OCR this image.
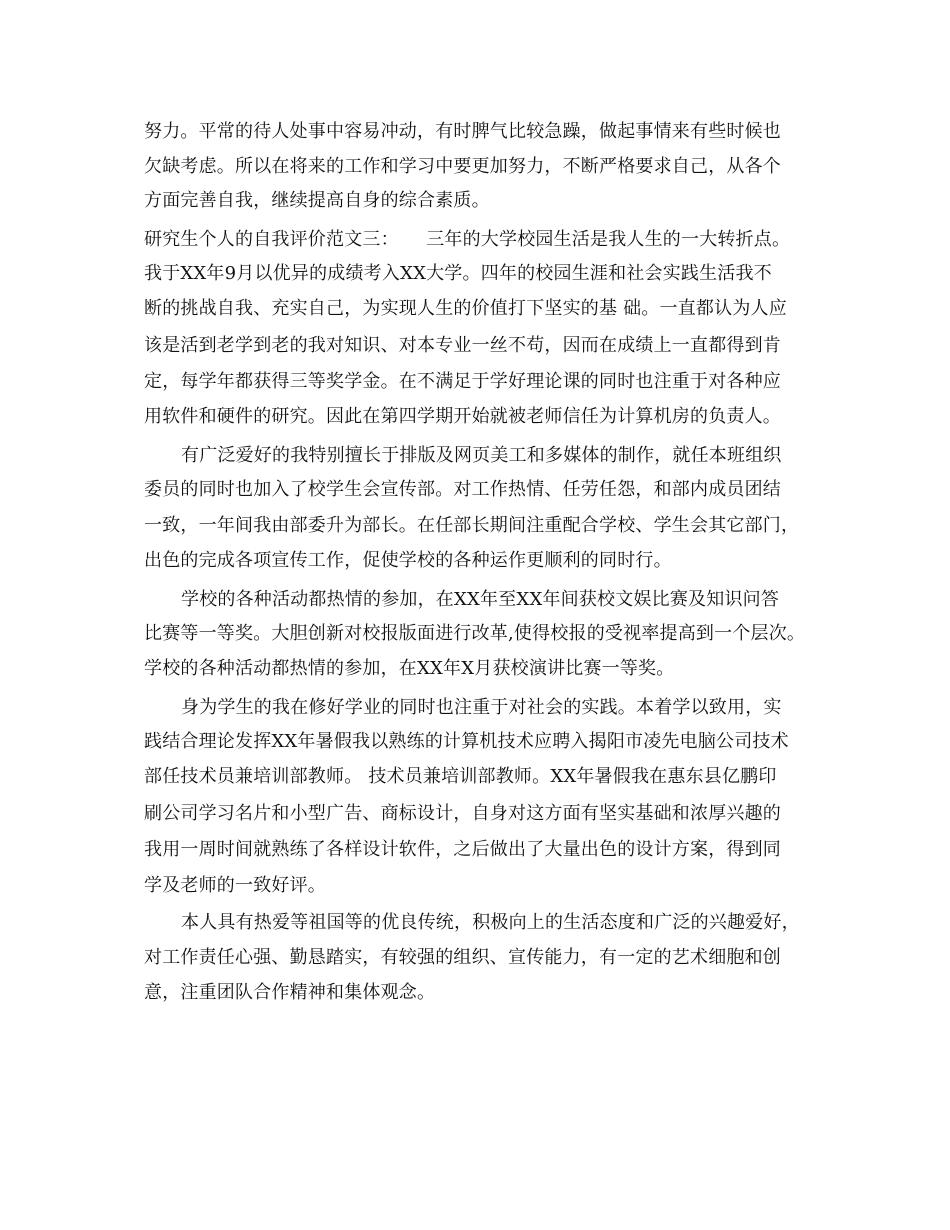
努力。平常的待人处事中容易冲动，有时脾气比较急躁，做起事情来有些时候也
欠缺考虑。所以在将来的工作和学习中要更加努力，不断严格要求自己，从各个
方面完善自我，继续提高自身的综合素质。
研究生个人的自我评价范文三：　　三年的大学校园生活是我人生的一大转折点。
我于XX年9月以优异的成绩考入XX大学。四年的校园生涯和社会实践生活我不
断的挑战自我、充实自己，为实现人生的价值打下坚实的基 础。一直都认为人应
该是活到老学到老的我对知识、对本专业一丝不苟，因而在成绩上一直都得到肯
定，每学年都获得三等奖学金。在不满足于学好理论课的同时也注重于对各种应
用软件和硬件的研究。因此在第四学期开始就被老师信任为计算机房的负责人。
有广泛爱好的我特别擅长于排版及网页美工和多媒体的制作，就任本班组织
委员的同时也加入了校学生会宣传部。对工作热情、任劳任怨，和部内成员团结
一致，一年间我由部委升为部长。在任部长期间注重配合学校、学生会其它部门，
出色的完成各项宣传工作，促使学校的各种运作更顺利的同时行。
学校的各种活动都热情的参加，在XX年至XX年间获校文娱比赛及知识问答
比赛等一等奖。大胆创新对校报版面进行改革,使得校报的受视率提高到一个层次。
学校的各种活动都热情的参加，在XX年X月获校演讲比赛一等奖。
身为学生的我在修好学业的同时也注重于对社会的实践。本着学以致用，实
践结合理论发挥XX年暑假我以熟练的计算机技术应聘入揭阳市凌先电脑公司技术
部任技术员兼培训部教师。 技术员兼培训部教师。XX年暑假我在惠东县亿鹏印
刷公司学习名片和小型广告、商标设计，自身对这方面有坚实基础和浓厚兴趣的
我用一周时间就熟练了各样设计软件，之后做出了大量出色的设计方案，得到同
学及老师的一致好评。
本人具有热爱等祖国等的优良传统，积极向上的生活态度和广泛的兴趣爱好，
对工作责任心强、勤恳踏实，有较强的组织、宣传能力，有一定的艺术细胞和创
意，注重团队合作精神和集体观念。
